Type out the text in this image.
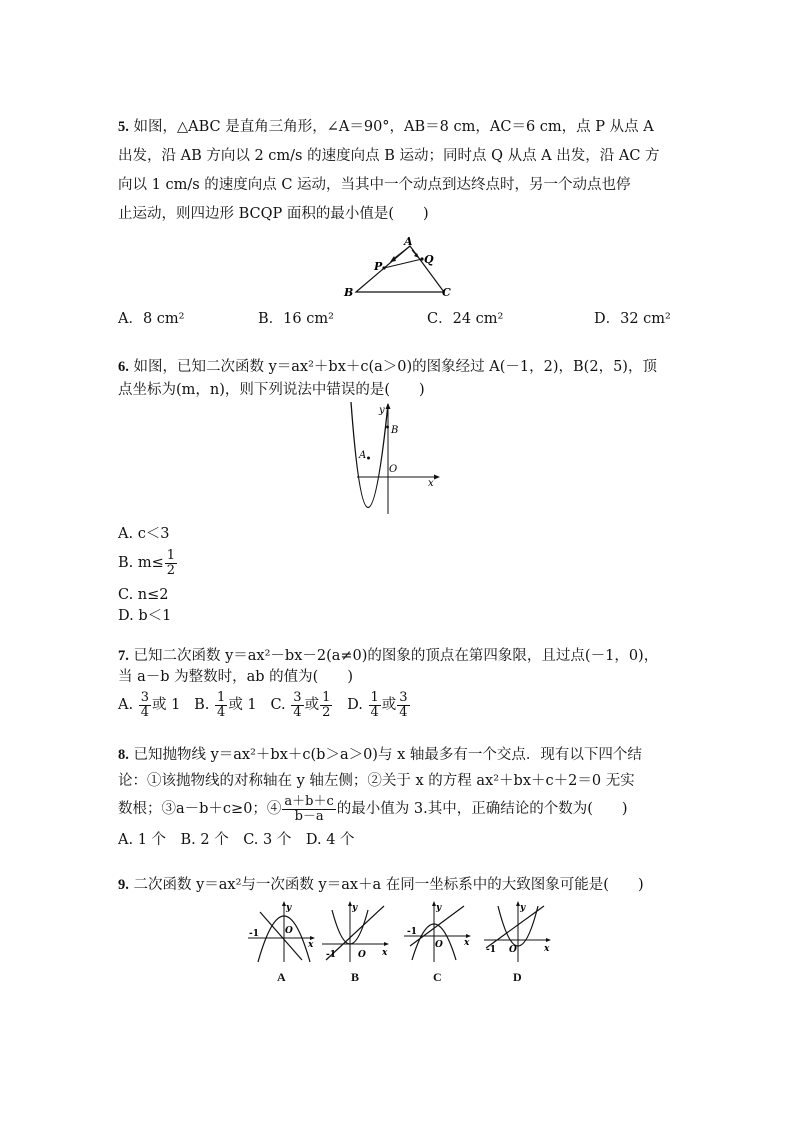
5. 如图，△ABC 是直角三角形，∠A＝90°，AB＝8 cm，AC＝6 cm，点 P 从点 A
出发，沿 AB 方向以 2 cm/s 的速度向点 B 运动；同时点 Q 从点 A 出发，沿 AC 方
向以 1 cm/s 的速度向点 C 运动，当其中一个动点到达终点时，另一个动点也停
止运动，则四边形 BCQP 面积的最小值是(　　)
A
P
Q
B	C
A．8 cm²	B．16 cm²	C．24 cm²	D．32 cm²
6. 如图，已知二次函数 y＝ax²＋bx＋c(a＞0)的图象经过 A(－1，2)，B(2，5)，顶
点坐标为(m，n)，则下列说法中错误的是(　　)
y
x
O
A
B
A. c＜3
B. $m\le \frac{1}{2}$
C. n≤2
D. b＜1
7. 已知二次函数 y＝ax²－bx－2(a≠0)的图象的顶点在第四象限，且过点(－1，0)，
当 a－b 为整数时，ab 的值为(　　)
A. $\frac{3}{4}$ 或 1 B. $\frac{1}{4}$ 或 1 C. $\frac{3}{4}$ 或 $\frac{1}{2} D$. $\frac{1}{4}$ 或 $\frac{3}{4}$
8. 已知抛物线 y＝ax²＋bx＋c(b＞a＞0)与 x 轴最多有一个交点．现有以下四个结
论：①该抛物线的对称轴在 y 轴左侧；②关于 x 的方程 ax²＋bx＋c＋2＝0 无实
数根；③a－b＋c≥0；④ $\frac{a+b+c}{b-a}$ 的最小值为 3.其中，正确结论的个数为(　　)
A. 1 个　B. 2 个　C. 3 个　D. 4 个
9. 二次函数 y＝ax²与一次函数 y＝ax＋a 在同一坐标系中的大致图象可能是(　　)
y
x
O
-1
A
y
x
O
-1
B
y
x
O
-1
C
y
x
O
-1
D
